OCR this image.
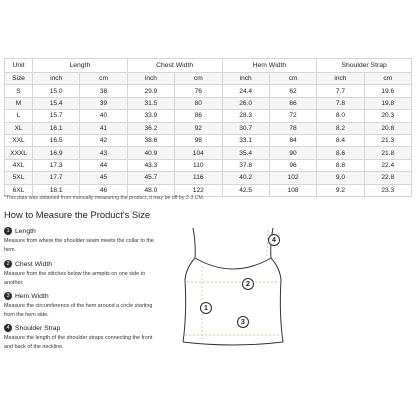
Unit	Length		Chest Width		Hem Width		Shoulder Strap	
Size	inch	cm	inch	cm	inch	cm	inch	cm
S	15.0	38	29.9	76	24.4	62	7.7	19.6
M	15.4	39	31.5	80	26.0	66	7.8	19.8
L	15.7	40	33.9	86	28.3	72	8.0	20.3
XL	16.1	41	36.2	92	30.7	78	8.2	20.8
XXL	16.5	42	38.6	98	33.1	84	8.4	21.3
XXXL	16.9	43	40.9	104	35.4	90	8.6	21.8
4XL	17.3	44	43.3	110	37.8	96	8.8	22.4
5XL	17.7	45	45.7	116	40.2	102	9.0	22.8
6XL	18.1	46	48.0	122	42.5	108	9.2	23.3
*This data was obtained from manually measuring the product, it may be off by 2-3 CM.
How to Measure the Product's Size
1 Length
Measure from where the shoulder seam meets the collar to the hem.
2 Chest Width
Measure from the stitches below the armpits on one side to another.
3 Hem Width
Measure the circumference of the hem around a circle starting from the hem side.
4 Shoulder Strap
Measure the length of the shoulder straps connecting the front and back of the neckline.
1
2
3
4
